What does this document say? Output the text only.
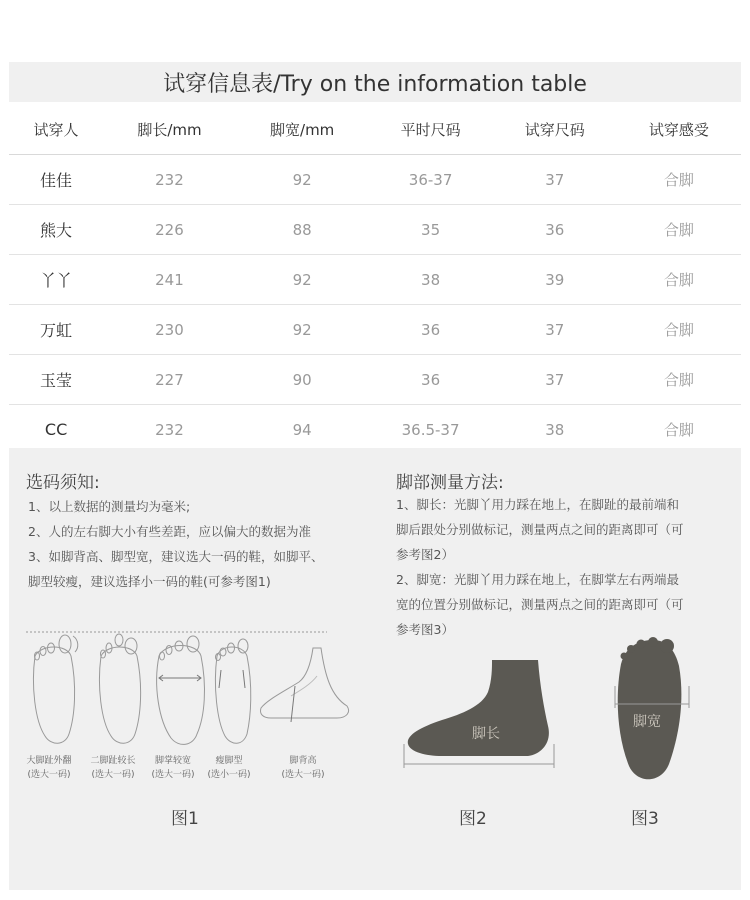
试穿信息表/Try on the information table
试穿人	脚长/mm	脚宽/mm	平时尺码	试穿尺码	试穿感受
佳佳	232	92	36-37	37	合脚
熊大	226	88	35	36	合脚
丫丫	241	92	38	39	合脚
万虹	230	92	36	37	合脚
玉莹	227	90	36	37	合脚
CC	232	94	36.5-37	38	合脚
选码须知:
1、以上数据的测量均为毫米;
2、人的左右脚大小有些差距，应以偏大的数据为准
3、如脚背高、脚型宽，建议选大一码的鞋，如脚平、
脚型较瘦，建议选择小一码的鞋(可参考图1)
脚部测量方法:
1、脚长：光脚丫用力踩在地上，在脚趾的最前端和
脚后跟处分别做标记，测量两点之间的距离即可（可
参考图2）
2、脚宽：光脚丫用力踩在地上，在脚掌左右两端最
宽的位置分别做标记，测量两点之间的距离即可（可
参考图3）
大脚趾外翻
(选大一码)
二脚趾较长
(选大一码)
脚掌较宽
(选大一码)
瘦脚型
(选小一码)
脚背高
(选大一码)
脚长
脚宽
图1	图2	图3
